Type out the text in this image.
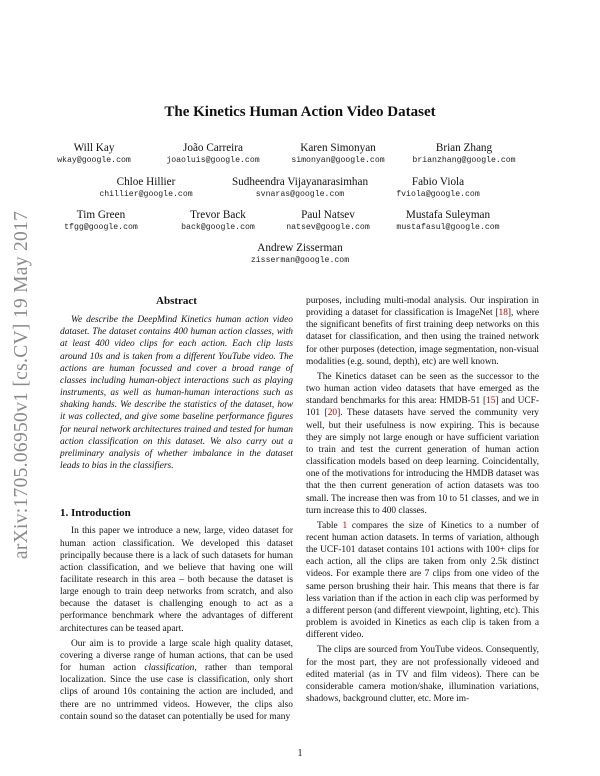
arXiv:1705.06950v1 [cs.CV] 19 May 2017
The Kinetics Human Action Video Dataset
Will Kay
wkay@google.com
João Carreira
joaoluis@google.com
Karen Simonyan
simonyan@google.com
Brian Zhang
brianzhang@google.com
Chloe Hillier
chillier@google.com
Sudheendra Vijayanarasimhan
svnaras@google.com
Fabio Viola
fviola@google.com
Tim Green
tfgg@google.com
Trevor Back
back@google.com
Paul Natsev
natsev@google.com
Mustafa Suleyman
mustafasul@google.com
Andrew Zisserman
zisserman@google.com
Abstract

We describe the DeepMind Kinetics human action video dataset. The dataset contains 400 human action classes, with at least 400 video clips for each action. Each clip lasts around 10s and is taken from a different YouTube video. The actions are human focussed and cover a broad range of classes including human-object interactions such as playing instruments, as well as human-human interactions such as shaking hands. We describe the statistics of the dataset, how it was collected, and give some baseline performance figures for neural network architectures trained and tested for human action classification on this dataset. We also carry out a preliminary analysis of whether imbalance in the dataset leads to bias in the classifiers.

1. Introduction

In this paper we introduce a new, large, video dataset for human action classification. We developed this dataset principally because there is a lack of such datasets for human action classification, and we believe that having one will facilitate research in this area – both because the dataset is large enough to train deep networks from scratch, and also because the dataset is challenging enough to act as a performance benchmark where the advantages of different architectures can be teased apart.

Our aim is to provide a large scale high quality dataset, covering a diverse range of human actions, that can be used for human action classification, rather than temporal localization. Since the use case is classification, only short clips of around 10s containing the action are included, and there are no untrimmed videos. However, the clips also contain sound so the dataset can potentially be used for many

purposes, including multi-modal analysis. Our inspiration in providing a dataset for classification is ImageNet [18], where the significant benefits of first training deep networks on this dataset for classification, and then using the trained network for other purposes (detection, image segmentation, non-visual modalities (e.g. sound, depth), etc) are well known.

The Kinetics dataset can be seen as the successor to the two human action video datasets that have emerged as the standard benchmarks for this area: HMDB-51 [15] and UCF-101 [20]. These datasets have served the community very well, but their usefulness is now expiring. This is because they are simply not large enough or have sufficient variation to train and test the current generation of human action classification models based on deep learning. Coincidentally, one of the motivations for introducing the HMDB dataset was that the then current generation of action datasets was too small. The increase then was from 10 to 51 classes, and we in turn increase this to 400 classes.

Table 1 compares the size of Kinetics to a number of recent human action datasets. In terms of variation, although the UCF-101 dataset contains 101 actions with 100+ clips for each action, all the clips are taken from only 2.5k distinct videos. For example there are 7 clips from one video of the same person brushing their hair. This means that there is far less variation than if the action in each clip was performed by a different person (and different viewpoint, lighting, etc). This problem is avoided in Kinetics as each clip is taken from a different video.

The clips are sourced from YouTube videos. Consequently, for the most part, they are not professionally videoed and edited material (as in TV and film videos). There can be considerable camera motion/shake, illumination variations, shadows, background clutter, etc. More im-

1
